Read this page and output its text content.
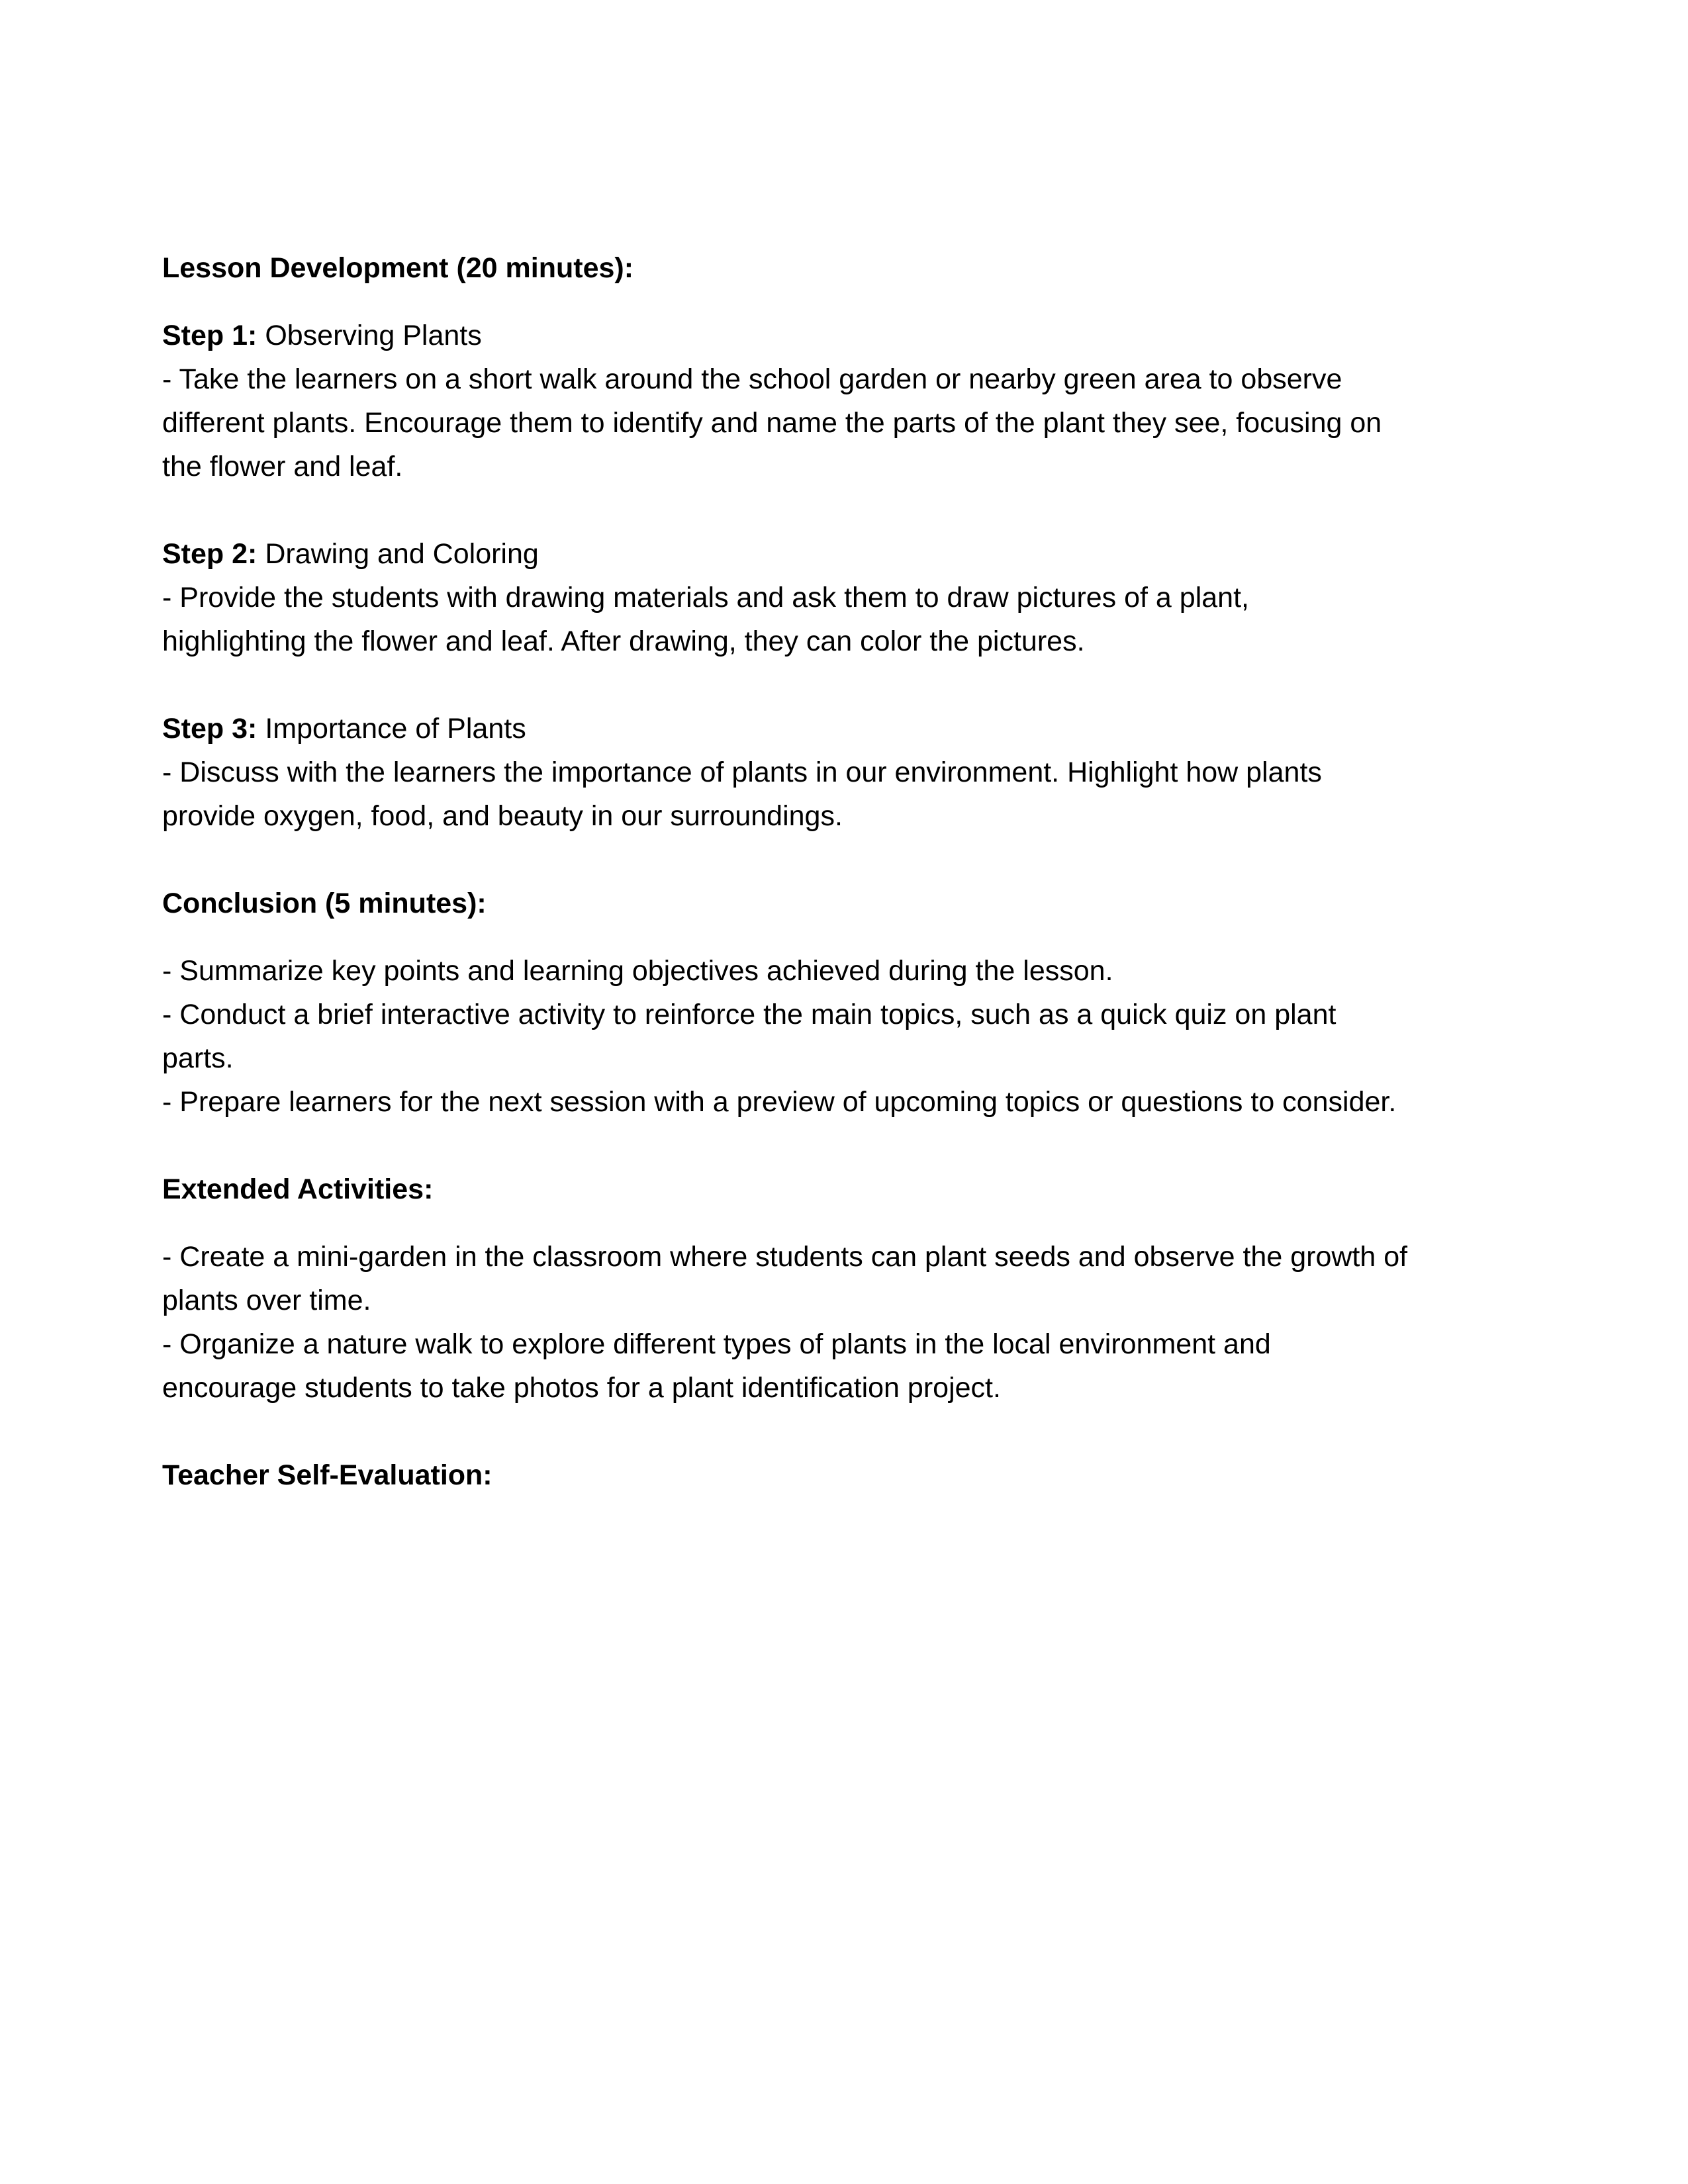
Lesson Development (20 minutes):
Step 1: Observing Plants
- Take the learners on a short walk around the school garden or nearby green area to observe
different plants. Encourage them to identify and name the parts of the plant they see, focusing on
the flower and leaf.
Step 2: Drawing and Coloring
- Provide the students with drawing materials and ask them to draw pictures of a plant,
highlighting the flower and leaf. After drawing, they can color the pictures.
Step 3: Importance of Plants
- Discuss with the learners the importance of plants in our environment. Highlight how plants
provide oxygen, food, and beauty in our surroundings.
Conclusion (5 minutes):
- Summarize key points and learning objectives achieved during the lesson.
- Conduct a brief interactive activity to reinforce the main topics, such as a quick quiz on plant
parts.
- Prepare learners for the next session with a preview of upcoming topics or questions to consider.
Extended Activities:
- Create a mini-garden in the classroom where students can plant seeds and observe the growth of
plants over time.
- Organize a nature walk to explore different types of plants in the local environment and
encourage students to take photos for a plant identification project.
Teacher Self-Evaluation:
